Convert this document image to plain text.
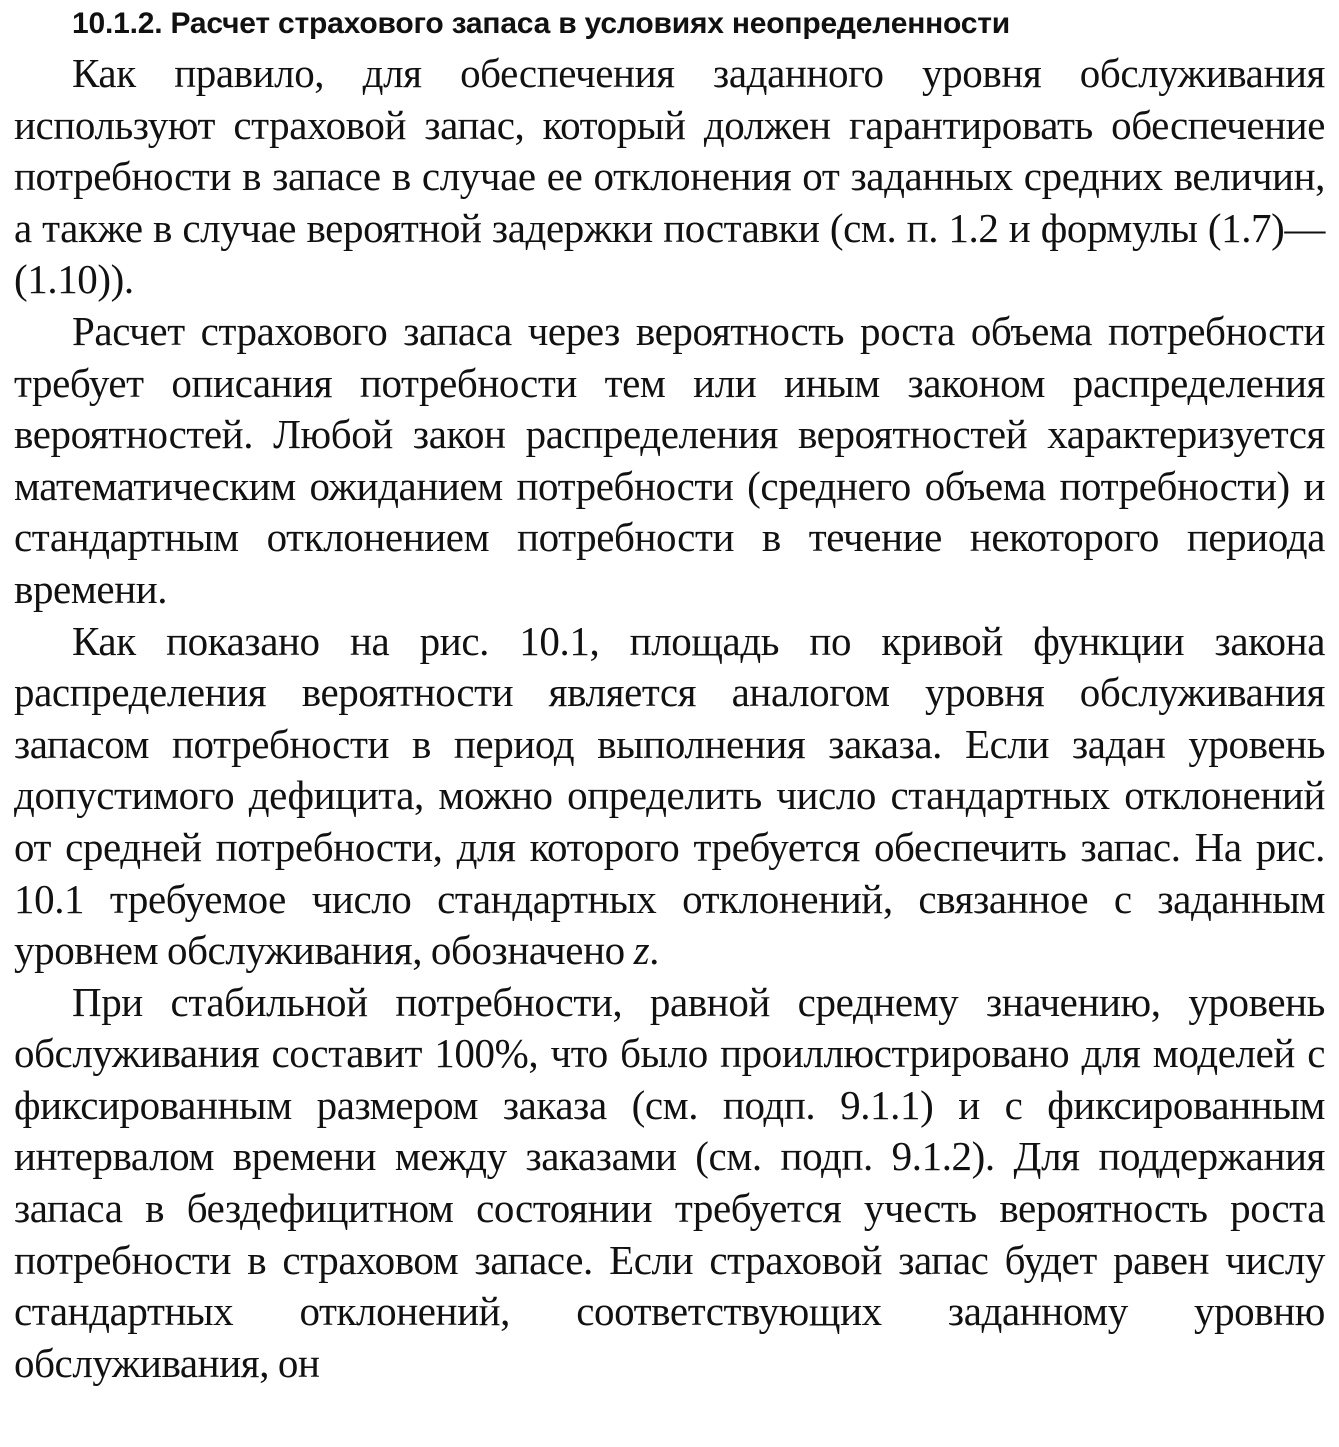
10.1.2. Расчет страхового запаса в условиях неопределенности

Как правило, для обеспечения заданного уровня обслуживания используют страховой запас, который должен гарантировать обеспечение потребности в запасе в случае ее отклонения от заданных средних величин, а также в случае вероятной задержки поставки (см. п. 1.2 и формулы (1.7)—(1.10)).

Расчет страхового запаса через вероятность роста объема потребности требует описания потребности тем или иным законом распределения вероятностей. Любой закон распределения вероятностей характеризуется математическим ожиданием потребности (среднего объема потребности) и стандартным отклонением потребности в течение некоторого периода времени.

Как показано на рис. 10.1, площадь по кривой функции закона распределения вероятности является аналогом уровня обслуживания запасом потребности в период выполнения заказа. Если задан уровень допустимого дефицита, можно определить число стандартных отклонений от средней потребности, для которого требуется обеспечить запас. На рис. 10.1 требуемое число стандартных отклонений, связанное с заданным уровнем обслуживания, обозначено z.

При стабильной потребности, равной среднему значению, уровень обслуживания составит 100%, что было проиллюстрировано для моделей с фиксированным размером заказа (см. подп. 9.1.1) и с фиксированным интервалом времени между заказами (см. подп. 9.1.2). Для поддержания запаса в бездефицитном состоянии требуется учесть вероятность роста потребности в страховом запасе. Если страховой запас будет равен числу стандартных отклонений, соответствующих заданному уровню обслуживания, он
